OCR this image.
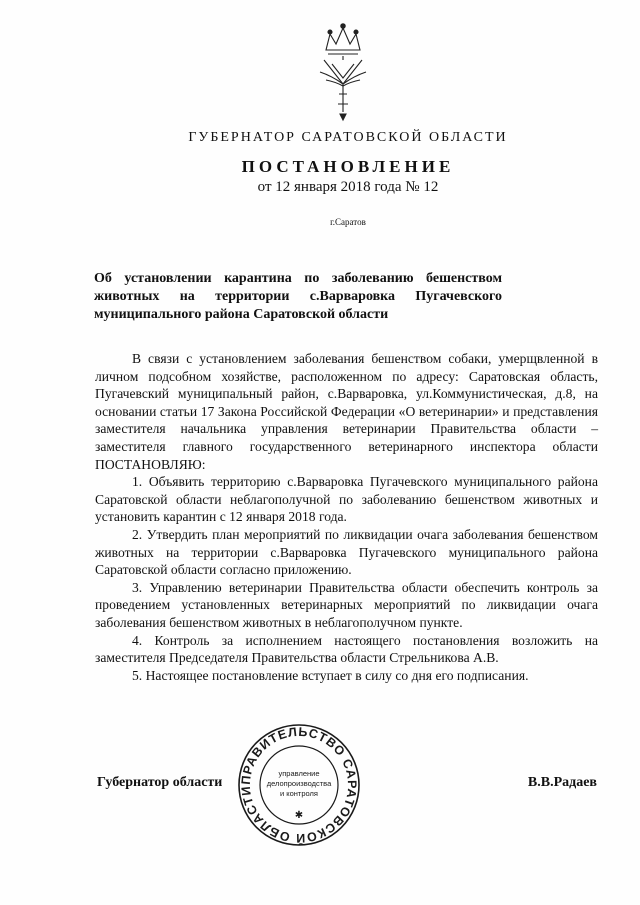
ГУБЕРНАТОР САРАТОВСКОЙ ОБЛАСТИ
ПОСТАНОВЛЕНИЕ
от 12 января 2018 года № 12
г.Саратов
Об установлении карантина по заболеванию бешенством
животных на территории с.Варваровка Пугачевского
муниципального района Саратовской области

В связи с установлением заболевания бешенством собаки, умерщвленной в личном подсобном хозяйстве, расположенном по адресу: Саратовская область, Пугачевский муниципальный район, с.Варваровка, ул.Коммунистическая, д.8, на основании статьи 17 Закона Российской Федерации «О ветеринарии» и представления заместителя начальника управления ветеринарии Правительства области – заместителя главного государственного ветеринарного инспектора области ПОСТАНОВЛЯЮ:

1. Объявить территорию с.Варваровка Пугачевского муниципального района Саратовской области неблагополучной по заболеванию бешенством животных и установить карантин с 12 января 2018 года.

2. Утвердить план мероприятий по ликвидации очага заболевания бешенством животных на территории с.Варваровка Пугачевского муниципального района Саратовской области согласно приложению.

3. Управлению ветеринарии Правительства области обеспечить контроль за проведением установленных ветеринарных мероприятий по ликвидации очага заболевания бешенством животных в неблагополучном пункте.

4. Контроль за исполнением настоящего постановления возложить на заместителя Председателя Правительства области Стрельникова А.В.

5. Настоящее постановление вступает в силу со дня его подписания.

Губернатор области	В.В.Радаев
ПРАВИТЕЛЬСТВО САРАТОВСКОЙ ОБЛАСТИ
управление
делопроизводства
и контроля
✱
